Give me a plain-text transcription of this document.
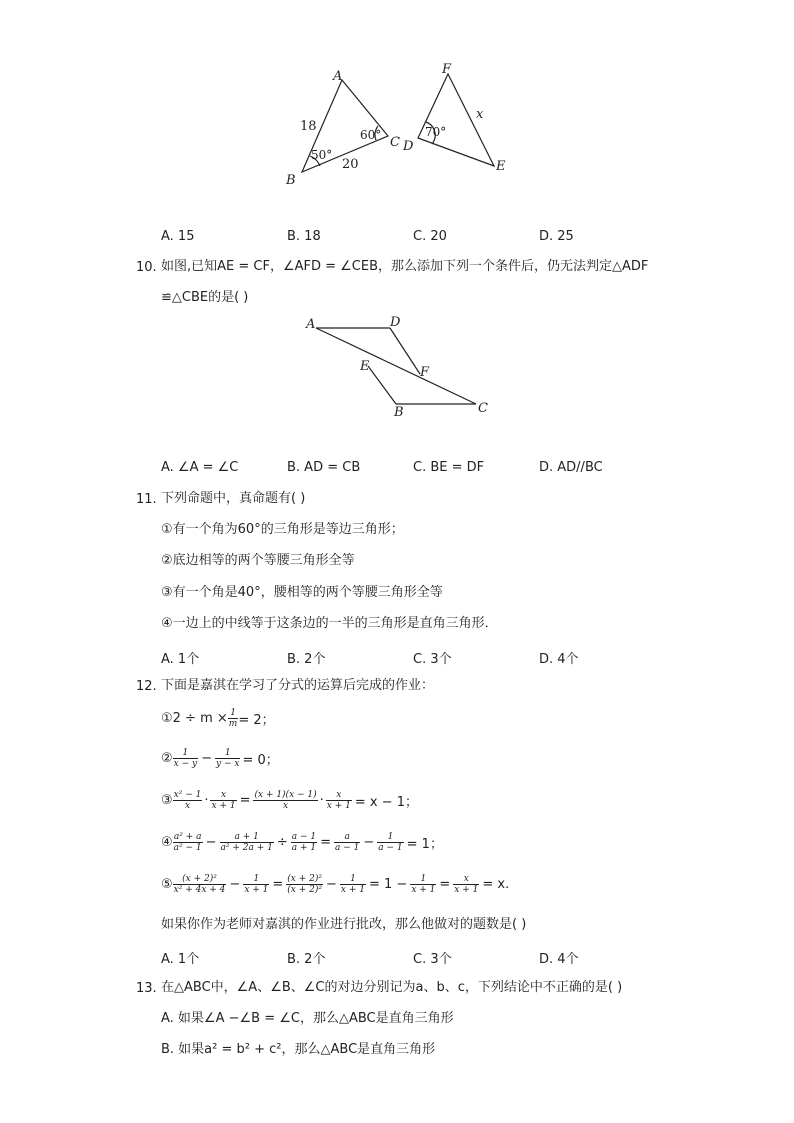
A
B
C D
E
F
18
20
50°
60°	70°
x
A. 15	B. 18	C. 20	D. 25
10. 如图,已知AE = CF，∠AFD = ∠CEB，那么添加下列一个条件后，仍无法判定△ADF
≌△CBE的是( )
A	D
E	F
B	C
A. ∠A = ∠C	B. AD = CB	C. BE = DF	D. AD//BC
11. 下列命题中，真命题有( )
①有一个角为60°的三角形是等边三角形；
②底边相等的两个等腰三角形全等
③有一个角是40°，腰相等的两个等腰三角形全等
④一边上的中线等于这条边的一半的三角形是直角三角形．
A. 1个	B. 2个	C. 3个	D. 4个
12. 下面是嘉淇在学习了分式的运算后完成的作业：
①2 ÷ $m \times \frac{1}{m} = 2$；
② $\frac{1}{x - y} - \frac{1}{y - x} = 0$；
③ $\frac{\text{x² − 1}}{x} \cdot \frac{x}{x + 1} = \frac{(x + 1)(x - 1)}{x} \cdot \frac{x}{x + 1} = x - 1$；
④ $\frac{\text{a² + a}}{\text{a² − 1}} - \frac{a + 1}{\text{a² + 2a + 1}} \div \frac{a - 1}{a + 1} = \frac{a}{a - 1} - \frac{1}{a - 1} = 1$；
⑤ $\frac{\text{(x + 2)²}}{\text{x² + 4x + 4}} - \frac{1}{x + 1} = \frac{\text{(x + 2)²}}{\text{(x + 2)²}} - \frac{1}{x + 1} = 1 - \frac{1}{x + 1} = \frac{x}{x + 1} = x$.
如果你作为老师对嘉淇的作业进行批改，那么他做对的题数是( )
A. 1个	B. 2个	C. 3个	D. 4个
13. 在△ABC中，∠A、∠B、∠C的对边分别记为a、b、c，下列结论中不正确的是( )
A. 如果∠A −∠B = ∠C，那么△ABC是直角三角形
B. 如果a² = b² + c²，那么△ABC是直角三角形
